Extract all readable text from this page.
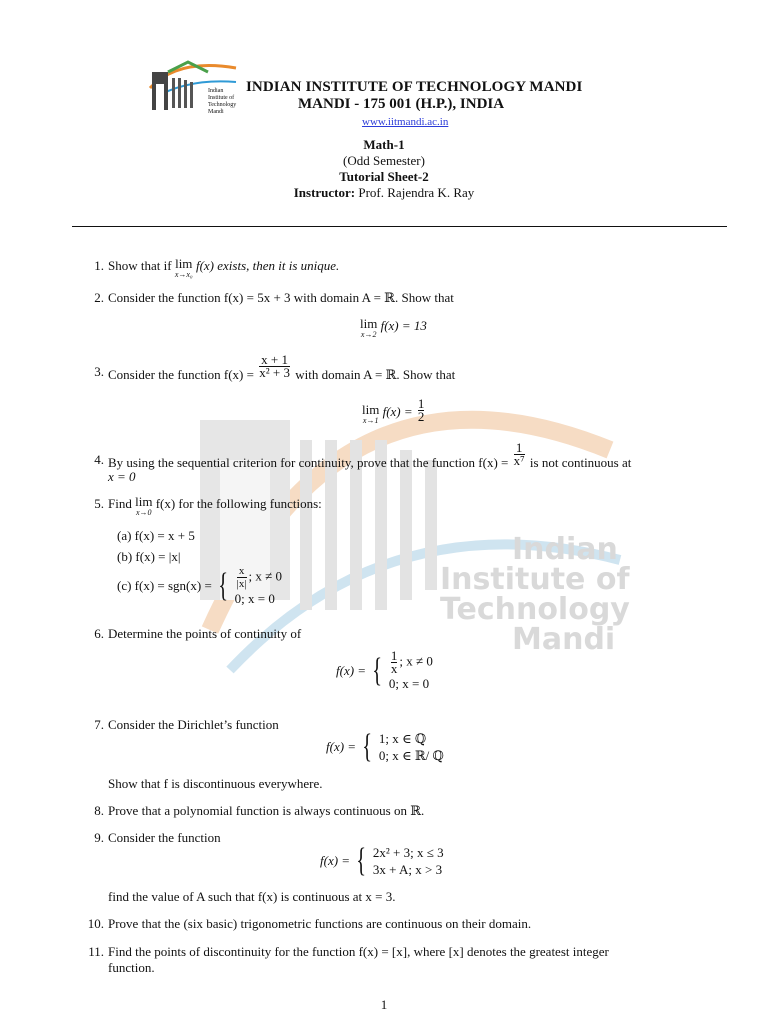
Indian
Institute of
Technology
Mandi
Indian
Institute of
Technology
Mandi
INDIAN INSTITUTE OF TECHNOLOGY MANDI
MANDI - 175 001 (H.P.), INDIA
www.iitmandi.ac.in
Math-1
(Odd Semester)
Tutorial Sheet-2
Instructor: Prof. Rajendra K. Ray
1. Show that if lim
x→x₀
f(x) exists, then it is unique.
2. Consider the function f(x) = 5x + 3 with domain A = ℝ. Show that
lim
x→2
f(x) = 13
3. Consider the function $f(x) = \frac{x + 1}{\text{x² + 3}}$ with domain A = ℝ. Show that
lim
x→1
$f(x) = \frac{1}{2}$
4. By using the sequential criterion for continuity, prove that the function $f(x) = \frac{1}{\text{x⁷}}$ is not continuous at
x = 0
5. Find lim
x→0
f(x) for the following functions:
(a) f(x) = x + 5
(b) f(x) = |x|
(c) f(x) = sgn(x) = { $\frac{x}{|x|}$ ; x ≠ 0
0; x = 0
6. Determine the points of continuity of
f(x) = { $\frac{1}{x}$ ; x ≠ 0
0; x = 0
7. Consider the Dirichlet’s function
f(x) = { 1; x ∈ ℚ
0; x ∈ ℝ/ ℚ
Show that f is discontinuous everywhere.
8. Prove that a polynomial function is always continuous on ℝ.
9. Consider the function
f(x) = { 2x² + 3; x ≤ 3
3x + A; x > 3
find the value of A such that f(x) is continuous at x = 3.
10. Prove that the (six basic) trigonometric functions are continuous on their domain.
11. Find the points of discontinuity for the function f(x) = [x], where [x] denotes the greatest integer
function.
1
